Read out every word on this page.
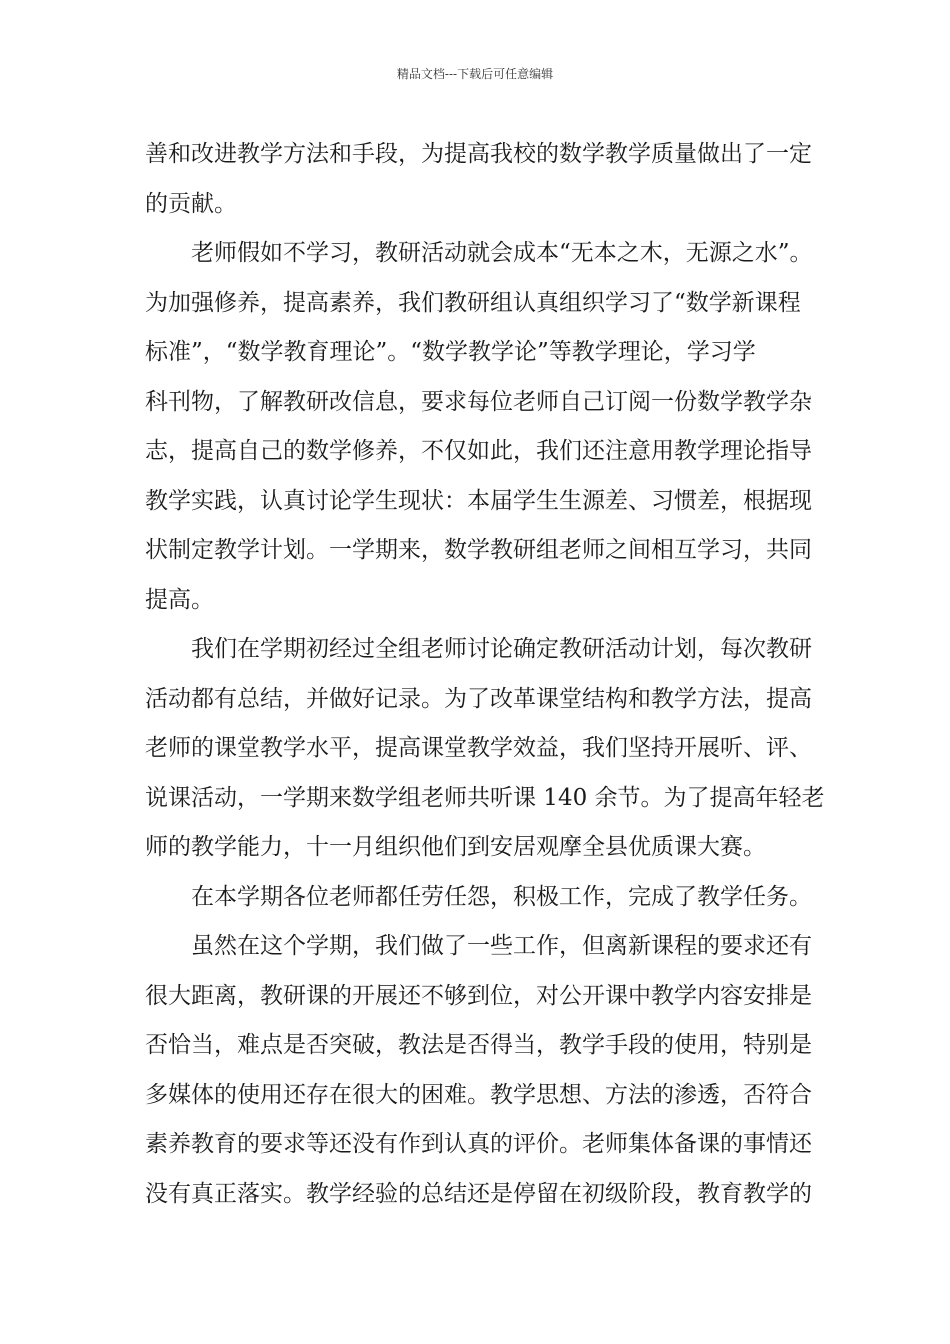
精品文档---下载后可任意编辑
善和改进教学方法和手段，为提高我校的数学教学质量做出了一定
的贡献。
老师假如不学习，教研活动就会成本“无本之木，无源之水”。
为加强修养，提高素养，我们教研组认真组织学习了“数学新课程
标准”，“数学教育理论”。“数学教学论”等教学理论，学习学
科刊物，了解教研改信息，要求每位老师自己订阅一份数学教学杂
志，提高自己的数学修养，不仅如此，我们还注意用教学理论指导
教学实践，认真讨论学生现状：本届学生生源差、习惯差，根据现
状制定教学计划。一学期来，数学教研组老师之间相互学习，共同
提高。
我们在学期初经过全组老师讨论确定教研活动计划，每次教研
活动都有总结，并做好记录。为了改革课堂结构和教学方法，提高
老师的课堂教学水平，提高课堂教学效益，我们坚持开展听、评、
说课活动，一学期来数学组老师共听课 140 余节。为了提高年轻老
师的教学能力，十一月组织他们到安居观摩全县优质课大赛。
在本学期各位老师都任劳任怨，积极工作，完成了教学任务。
虽然在这个学期，我们做了一些工作，但离新课程的要求还有
很大距离，教研课的开展还不够到位，对公开课中教学内容安排是
否恰当，难点是否突破，教法是否得当，教学手段的使用，特别是
多媒体的使用还存在很大的困难。教学思想、方法的渗透，否符合
素养教育的要求等还没有作到认真的评价。老师集体备课的事情还
没有真正落实。教学经验的总结还是停留在初级阶段，教育教学的
